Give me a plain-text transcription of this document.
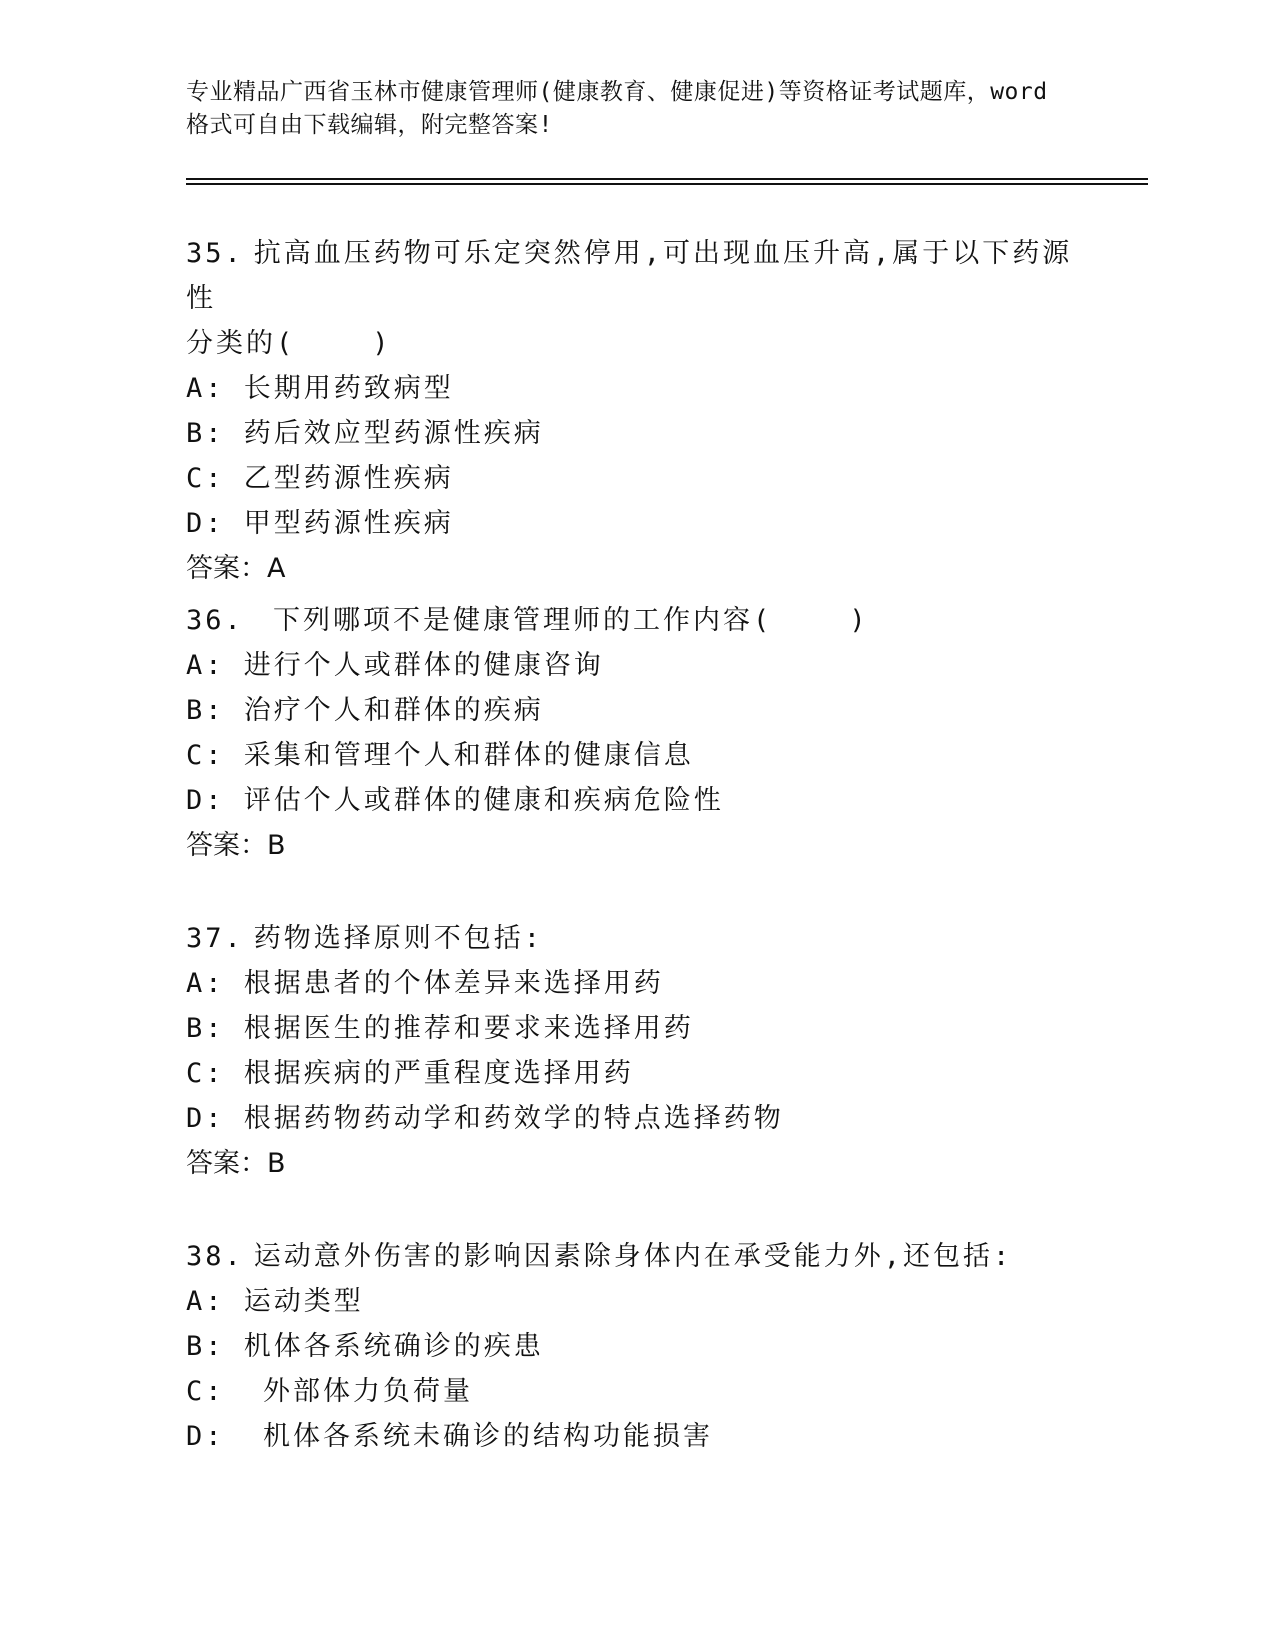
专业精品广西省玉林市健康管理师(健康教育、健康促进)等资格证考试题库，word
格式可自由下载编辑，附完整答案!

35. 抗高血压药物可乐定突然停用,可出现血压升高,属于以下药源性

分类的(    )

A: 长期用药致病型

B: 药后效应型药源性疾病

C: 乙型药源性疾病

D: 甲型药源性疾病

答案：A

36. 下列哪项不是健康管理师的工作内容(    )

A: 进行个人或群体的健康咨询

B: 治疗个人和群体的疾病

C: 采集和管理个人和群体的健康信息

D: 评估个人或群体的健康和疾病危险性

答案：B

37. 药物选择原则不包括:

A: 根据患者的个体差异来选择用药

B: 根据医生的推荐和要求来选择用药

C: 根据疾病的严重程度选择用药

D: 根据药物药动学和药效学的特点选择药物

答案：B

38. 运动意外伤害的影响因素除身体内在承受能力外,还包括:

A: 运动类型

B: 机体各系统确诊的疾患

C:  外部体力负荷量

D:  机体各系统未确诊的结构功能损害
